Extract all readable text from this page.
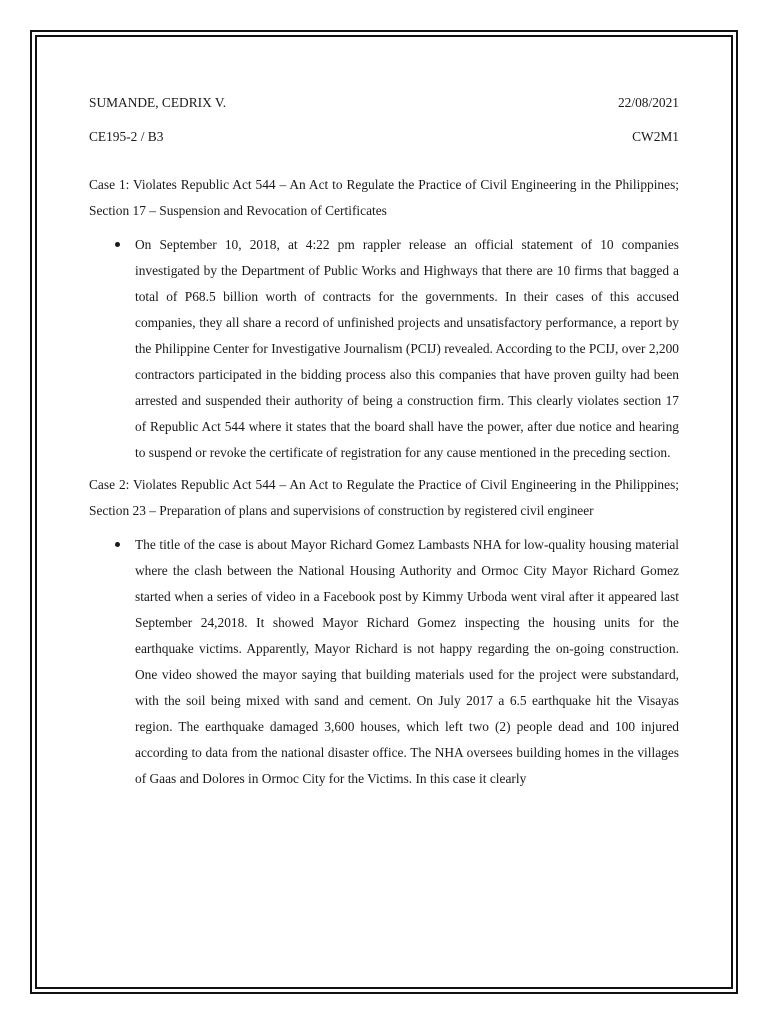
SUMANDE, CEDRIX V.	22/08/2021
CE195-2 / B3	CW2M1

Case 1: Violates Republic Act 544 – An Act to Regulate the Practice of Civil Engineering in the Philippines; Section 17 – Suspension and Revocation of Certificates

On September 10, 2018, at 4:22 pm rappler release an official statement of 10 companies investigated by the Department of Public Works and Highways that there are 10 firms that bagged a total of P68.5 billion worth of contracts for the governments. In their cases of this accused companies, they all share a record of unfinished projects and unsatisfactory performance, a report by the Philippine Center for Investigative Journalism (PCIJ) revealed. According to the PCIJ, over 2,200 contractors participated in the bidding process also this companies that have proven guilty had been arrested and suspended their authority of being a construction firm. This clearly violates section 17 of Republic Act 544 where it states that the board shall have the power, after due notice and hearing to suspend or revoke the certificate of registration for any cause mentioned in the preceding section.

Case 2: Violates Republic Act 544 – An Act to Regulate the Practice of Civil Engineering in the Philippines; Section 23 – Preparation of plans and supervisions of construction by registered civil engineer

The title of the case is about Mayor Richard Gomez Lambasts NHA for low-quality housing material where the clash between the National Housing Authority and Ormoc City Mayor Richard Gomez started when a series of video in a Facebook post by Kimmy Urboda went viral after it appeared last September 24,2018. It showed Mayor Richard Gomez inspecting the housing units for the earthquake victims. Apparently, Mayor Richard is not happy regarding the on-going construction. One video showed the mayor saying that building materials used for the project were substandard, with the soil being mixed with sand and cement. On July 2017 a 6.5 earthquake hit the Visayas region. The earthquake damaged 3,600 houses, which left two (2) people dead and 100 injured according to data from the national disaster office. The NHA oversees building homes in the villages of Gaas and Dolores in Ormoc City for the Victims. In this case it clearly
